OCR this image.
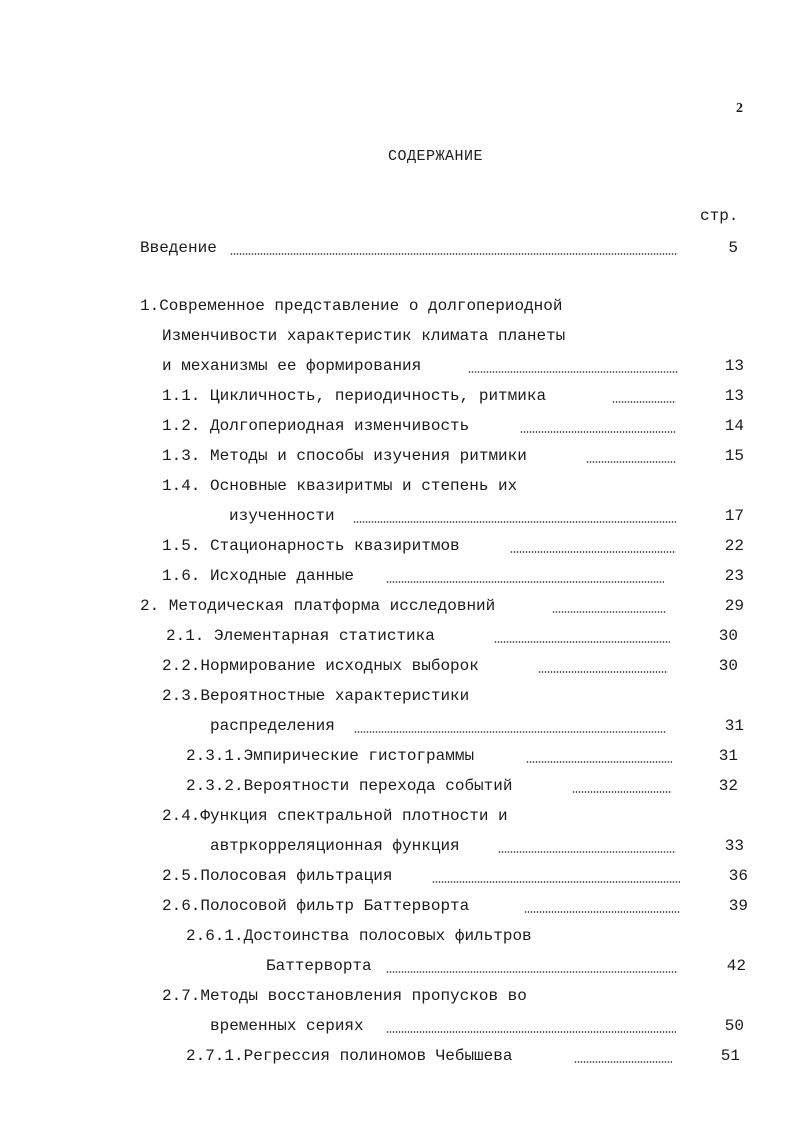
2
СОДЕРЖАНИЕ
стр.
Введение	5
1.Современное представление о долгопериодной
Изменчивости характеристик климата планеты
и механизмы ее формирования	13
1.1. Цикличность, периодичность, ритмика	13
1.2. Долгопериодная изменчивость	14
1.3. Методы и способы изучения ритмики	15
1.4. Основные квазиритмы и степень их
изученности	17
1.5. Стационарность квазиритмов	22
1.6. Исходные данные	23
2. Методическая платформа исследовний	29
2.1. Элементарная статистика	30
2.2.Нормирование исходных выборок	30
2.3.Вероятностные характеристики
распределения	31
2.3.1.Эмпирические гистограммы	31
2.3.2.Вероятности перехода событий	32
2.4.Функция спектральной плотности и
автркорреляционная функция	33
2.5.Полосовая фильтрация	36
2.6.Полосовой фильтр Баттерворта	39
2.6.1.Достоинства полосовых фильтров
Баттерворта	42
2.7.Методы восстановления пропусков во
временных сериях	50
2.7.1.Регрессия полиномов Чебышева	51
